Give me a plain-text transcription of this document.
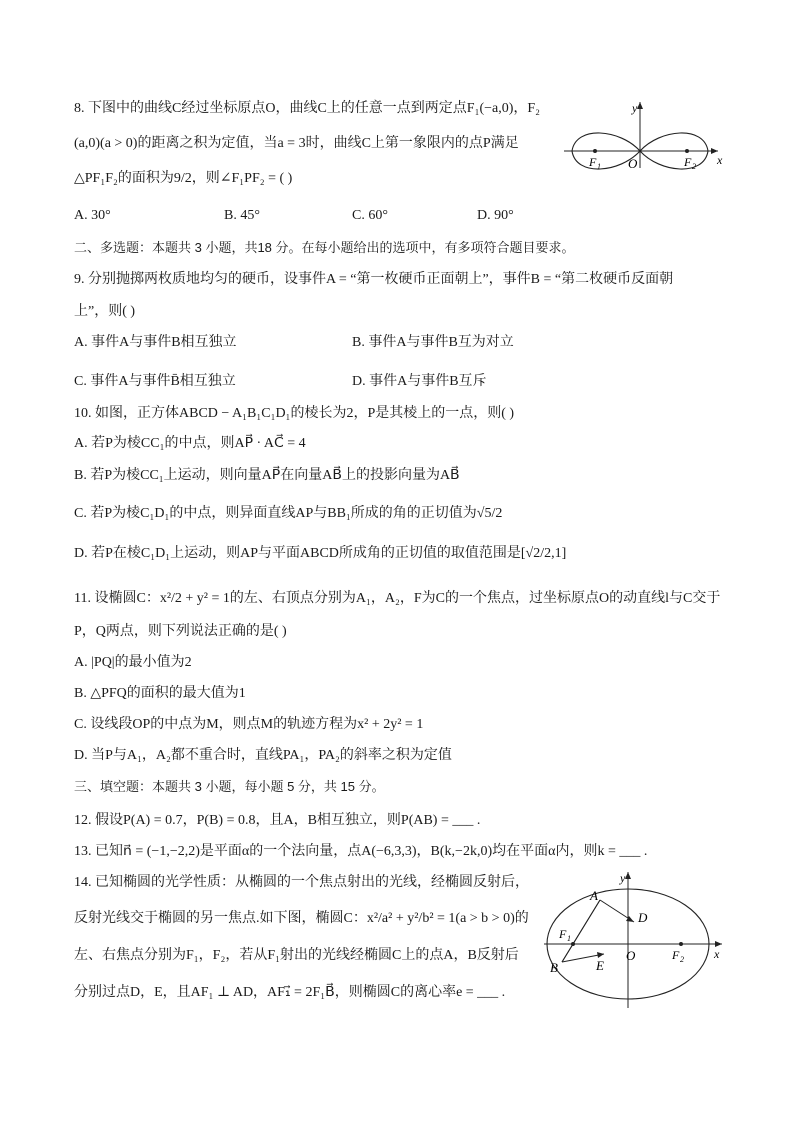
8. 下图中的曲线C经过坐标原点O，曲线C上的任意一点到两定点F₁(−a,0)，F₂
(a,0)(a > 0)的距离之积为定值，当a = 3时，曲线C上第一象限内的点P满足
△PF₁F₂的面积为9/2，则∠F₁PF₂ = ( )
A. 30°	B. 45°	C. 60°	D. 90°
y
x
O
F 1	F 2
二、多选题：本题共 3 小题，共18 分。在每小题给出的选项中，有多项符合题目要求。
9. 分别抛掷两枚质地均匀的硬币，设事件A = “第一枚硬币正面朝上”，事件B = “第二枚硬币反面朝
上”，则( )
A. 事件A与事件B相互独立	B. 事件A与事件B互为对立
C. 事件A与事件B̄相互独立	D. 事件A与事件B互斥
10. 如图，正方体ABCD − A₁B₁C₁D₁的棱长为2，P是其棱上的一点，则( )
A. 若P为棱CC₁的中点，则AP⃗ · AC⃗ = 4
B. 若P为棱CC₁上运动，则向量AP⃗在向量AB⃗上的投影向量为AB⃗
C. 若P为棱C₁D₁的中点，则异面直线AP与BB₁所成的角的正切值为√5/2
D. 若P在棱C₁D₁上运动，则AP与平面ABCD所成角的正切值的取值范围是[√2/2,1]
11. 设椭圆C：x²/2 + y² = 1的左、右顶点分别为A₁，A₂，F为C的一个焦点，过坐标原点O的动直线l与C交于
P，Q两点，则下列说法正确的是( )
A. |PQ|的最小值为2
B. △PFQ的面积的最大值为1
C. 设线段OP的中点为M，则点M的轨迹方程为x² + 2y² = 1
D. 当P与A₁，A₂都不重合时，直线PA₁，PA₂的斜率之积为定值
三、填空题：本题共 3 小题，每小题 5 分，共 15 分。
12. 假设P(A) = 0.7，P(B) = 0.8，且A，B相互独立，则P(AB) = ___ .
13. 已知n⃗ = (−1,−2,2)是平面α的一个法向量，点A(−6,3,3)，B(k,−2k,0)均在平面α内，则k = ___ .
14. 已知椭圆的光学性质：从椭圆的一个焦点射出的光线，经椭圆反射后，
反射光线交于椭圆的另一焦点.如下图，椭圆C：x²/a² + y²/b² = 1(a > b > 0)的
左、右焦点分别为F₁，F₂，若从F₁射出的光线经椭圆C上的点A，B反射后
分别过点D，E，且AF₁ ⊥ AD，AF₁⃗ = 2F₁B⃗，则椭圆C的离心率e = ___ .
y
x
O
A
B
D
E
F 1
F 2
